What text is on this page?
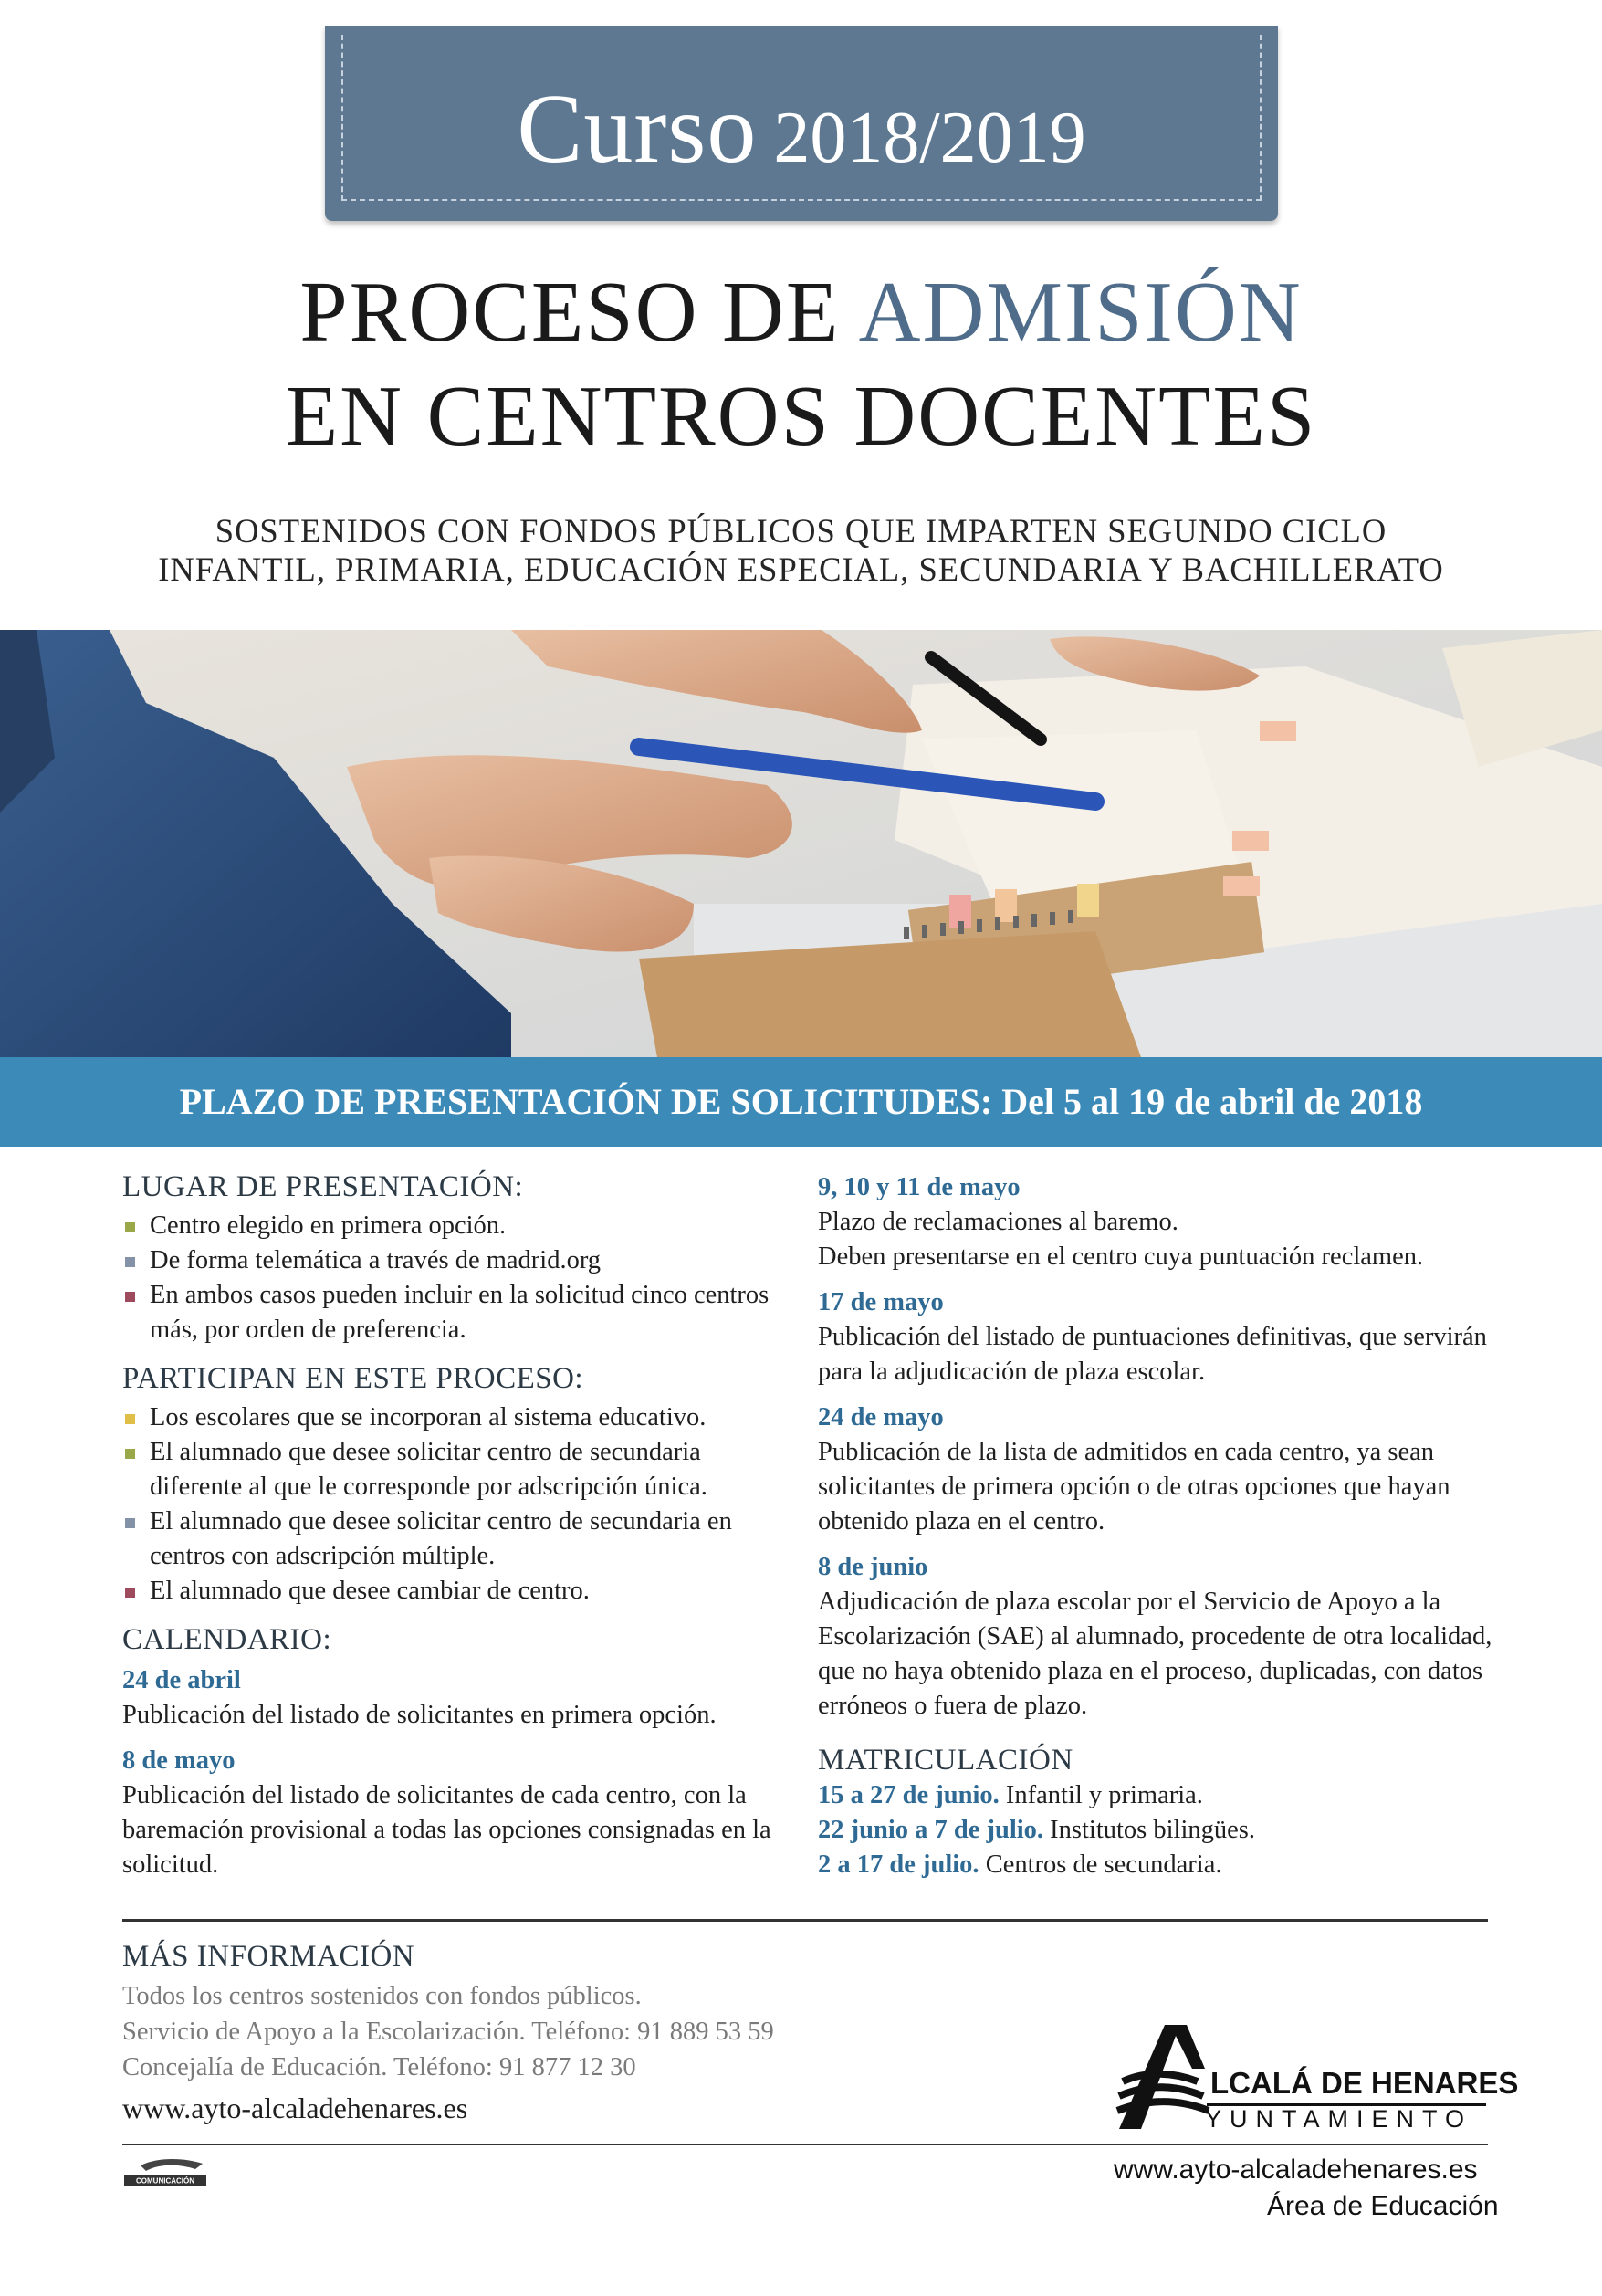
Curso 2018/2019
PROCESO DE ADMISIÓN
EN CENTROS DOCENTES
SOSTENIDOS CON FONDOS PÚBLICOS QUE IMPARTEN SEGUNDO CICLO
INFANTIL, PRIMARIA, EDUCACIÓN ESPECIAL, SECUNDARIA Y BACHILLERATO
PLAZO DE PRESENTACIÓN DE SOLICITUDES: Del 5 al 19 de abril de 2018
LUGAR DE PRESENTACIÓN:
Centro elegido en primera opción.
De forma telemática a través de madrid.org
En ambos casos pueden incluir en la solicitud cinco centros más, por orden de preferencia.
PARTICIPAN EN ESTE PROCESO:
Los escolares que se incorporan al sistema educativo.
El alumnado que desee solicitar centro de secundaria diferente al que le corresponde por adscripción única.
El alumnado que desee solicitar centro de secundaria en centros con adscripción múltiple.
El alumnado que desee cambiar de centro.
CALENDARIO:
24 de abril
Publicación del listado de solicitantes en primera opción.
8 de mayo
Publicación del listado de solicitantes de cada centro, con la baremación provisional a todas las opciones consignadas en la solicitud.
9, 10 y 11 de mayo
Plazo de reclamaciones al baremo.
Deben presentarse en el centro cuya puntuación reclamen.
17 de mayo
Publicación del listado de puntuaciones definitivas, que servirán para la adjudicación de plaza escolar.
24 de mayo
Publicación de la lista de admitidos en cada centro, ya sean solicitantes de primera opción o de otras opciones que hayan obtenido plaza en el centro.
8 de junio
Adjudicación de plaza escolar por el Servicio de Apoyo a la Escolarización (SAE) al alumnado, procedente de otra localidad, que no haya obtenido plaza en el proceso, duplicadas, con datos erróneos o fuera de plazo.
MATRICULACIÓN
15 a 27 de junio. Infantil y primaria.
22 junio a 7 de julio. Institutos bilingües.
2 a 17 de julio. Centros de secundaria.
MÁS INFORMACIÓN
Todos los centros sostenidos con fondos públicos.
Servicio de Apoyo a la Escolarización. Teléfono: 91 889 53 59
Concejalía de Educación. Teléfono: 91 877 12 30
www.ayto-alcaladehenares.es
LCALÁ DE HENARES
YUNTAMIENTO
COMUNICACIÓN	www.ayto-alcaladehenares.es
Área de Educación
